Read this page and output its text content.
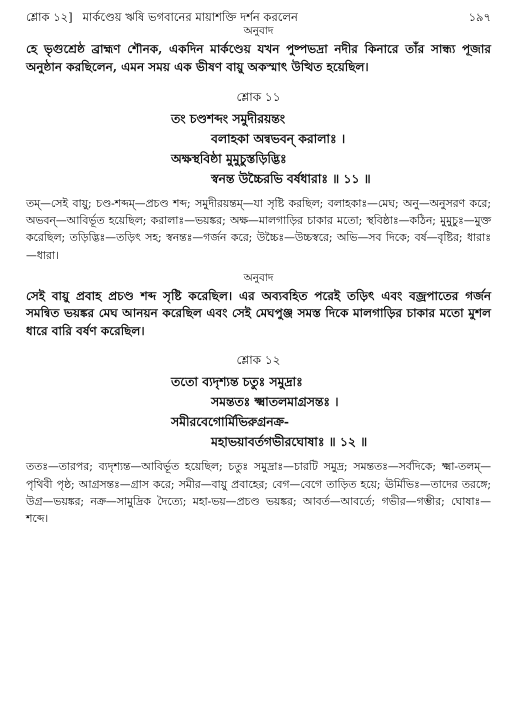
শ্লোক ১২] মার্কণ্ডেয় ঋষি ভগবানের মায়াশক্তি দর্শন করলেন	১৯৭
অনুবাদ

হে ভৃগুশ্রেষ্ঠ ব্রাহ্মণ শৌনক, একদিন মার্কণ্ডেয় যখন পুষ্পভদ্রা নদীর কিনারে তাঁর সান্ধ্য পূজার অনুষ্ঠান করছিলেন, এমন সময় এক ভীষণ বায়ু অকস্মাৎ উত্থিত হয়েছিল।

শ্লোক ১১

তং চণ্ডশব্দং সমুদীরয়ন্তং

বলাহকা অন্বভবন্ করালাঃ ।

অক্ষস্থবিষ্ঠা মুমুচুস্তড়িদ্ভিঃ

স্বনন্ত উচ্চৈরভি বর্ষধারাঃ ॥ ১১ ॥

তম্—সেই বায়ু; চণ্ড-শব্দম্—প্রচণ্ড শব্দ; সমুদীরয়ন্তম্—যা সৃষ্টি করছিল; বলাহকাঃ—মেঘ; অনু—অনুসরণ করে; অভবন্—আবির্ভূত হয়েছিল; করালাঃ—ভয়ঙ্কর; অক্ষ—মালগাড়ির চাকার মতো; স্থবিষ্ঠাঃ—কঠিন; মুমুচুঃ—মুক্ত করেছিল; তড়িদ্ভিঃ—তড়িৎ সহ; স্বনন্তঃ—গর্জন করে; উচ্চৈঃ—উচ্চস্বরে; অভি—সব দিকে; বর্ষ—বৃষ্টির; ধারাঃ—ধারা।

অনুবাদ

সেই বায়ু প্রবাহ প্রচণ্ড শব্দ সৃষ্টি করেছিল। এর অব্যবহিত পরেই তড়িৎ এবং বজ্রপাতের গর্জন সমন্বিত ভয়ঙ্কর মেঘ আনয়ন করেছিল এবং সেই মেঘপুঞ্জ সমস্ত দিকে মালগাড়ির চাকার মতো মুশল ধারে বারি বর্ষণ করেছিল।

শ্লোক ১২

ততো ব্যদৃশ্যন্ত চতুঃ সমুদ্রাঃ

সমন্ততঃ ক্ষ্মাতলমাগ্রসন্তঃ ।

সমীরবেগোর্মিভিরুগ্রনক্র-

মহাভয়াবর্তগভীরঘোষাঃ ॥ ১২ ॥

ততঃ—তারপর; ব্যদৃশ্যন্ত—আবির্ভূত হয়েছিল; চতুঃ সমুদ্রাঃ—চারটি সমুদ্র; সমন্ততঃ—সর্বদিকে; ক্ষ্মা-তলম্—পৃথিবী পৃষ্ঠ; আগ্রসন্তঃ—গ্রাস করে; সমীর—বায়ু প্রবাহের; বেগ—বেগে তাড়িত হয়ে; ঊর্মিভিঃ—তাদের তরঙ্গে; উগ্র—ভয়ঙ্কর; নক্র—সামুদ্রিক দৈত্যে; মহা-ভয়—প্রচণ্ড ভয়ঙ্কর; আবর্ত—আবর্তে; গভীর—গম্ভীর; ঘোষাঃ—শব্দে।
